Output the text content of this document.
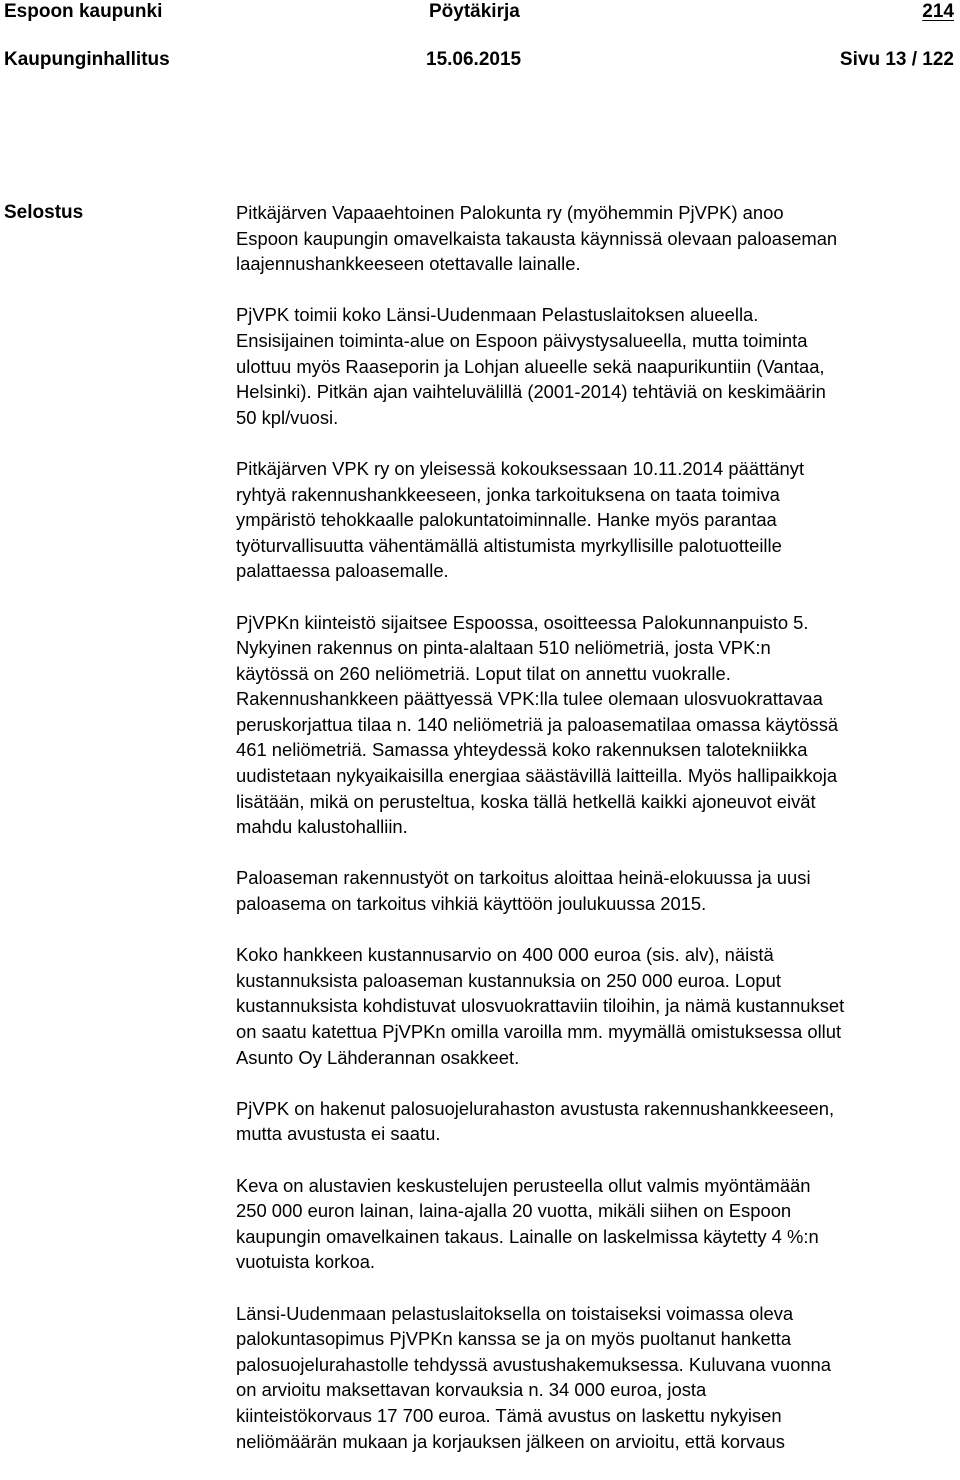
Espoon kaupunki	Pöytäkirja	214
Kaupunginhallitus	15.06.2015	Sivu 13 / 122
Selostus	Pitkäjärven Vapaaehtoinen Palokunta ry (myöhemmin PjVPK) anoo
Espoon kaupungin omavelkaista takausta käynnissä olevaan paloaseman
laajennushankkeeseen otettavalle lainalle.

PjVPK toimii koko Länsi-Uudenmaan Pelastuslaitoksen alueella.
Ensisijainen toiminta-alue on Espoon päivystysalueella, mutta toiminta
ulottuu myös Raaseporin ja Lohjan alueelle sekä naapurikuntiin (Vantaa,
Helsinki). Pitkän ajan vaihteluvälillä (2001-2014) tehtäviä on keskimäärin
50 kpl/vuosi.

Pitkäjärven VPK ry on yleisessä kokouksessaan 10.11.2014 päättänyt
ryhtyä rakennushankkeeseen, jonka tarkoituksena on taata toimiva
ympäristö tehokkaalle palokuntatoiminnalle. Hanke myös parantaa
työturvallisuutta vähentämällä altistumista myrkyllisille palotuotteille
palattaessa paloasemalle.

PjVPKn kiinteistö sijaitsee Espoossa, osoitteessa Palokunnanpuisto 5.
Nykyinen rakennus on pinta-alaltaan 510 neliömetriä, josta VPK:n
käytössä on 260 neliömetriä. Loput tilat on annettu vuokralle.
Rakennushankkeen päättyessä VPK:lla tulee olemaan ulosvuokrattavaa
peruskorjattua tilaa n. 140 neliömetriä ja paloasematilaa omassa käytössä
461 neliömetriä. Samassa yhteydessä koko rakennuksen talotekniikka
uudistetaan nykyaikaisilla energiaa säästävillä laitteilla. Myös hallipaikkoja
lisätään, mikä on perusteltua, koska tällä hetkellä kaikki ajoneuvot eivät
mahdu kalustohalliin.

Paloaseman rakennustyöt on tarkoitus aloittaa heinä-elokuussa ja uusi
paloasema on tarkoitus vihkiä käyttöön joulukuussa 2015.

Koko hankkeen kustannusarvio on 400 000 euroa (sis. alv), näistä
kustannuksista paloaseman kustannuksia on 250 000 euroa. Loput
kustannuksista kohdistuvat ulosvuokrattaviin tiloihin, ja nämä kustannukset
on saatu katettua PjVPKn omilla varoilla mm. myymällä omistuksessa ollut
Asunto Oy Lähderannan osakkeet.

PjVPK on hakenut palosuojelurahaston avustusta rakennushankkeeseen,
mutta avustusta ei saatu.

Keva on alustavien keskustelujen perusteella ollut valmis myöntämään
250 000 euron lainan, laina-ajalla 20 vuotta, mikäli siihen on Espoon
kaupungin omavelkainen takaus. Lainalle on laskelmissa käytetty 4 %:n
vuotuista korkoa.

Länsi-Uudenmaan pelastuslaitoksella on toistaiseksi voimassa oleva
palokuntasopimus PjVPKn kanssa se ja on myös puoltanut hanketta
palosuojelurahastolle tehdyssä avustushakemuksessa. Kuluvana vuonna
on arvioitu maksettavan korvauksia n. 34 000 euroa, josta
kiinteistökorvaus 17 700 euroa. Tämä avustus on laskettu nykyisen
neliömäärän mukaan ja korjauksen jälkeen on arvioitu, että korvaus
